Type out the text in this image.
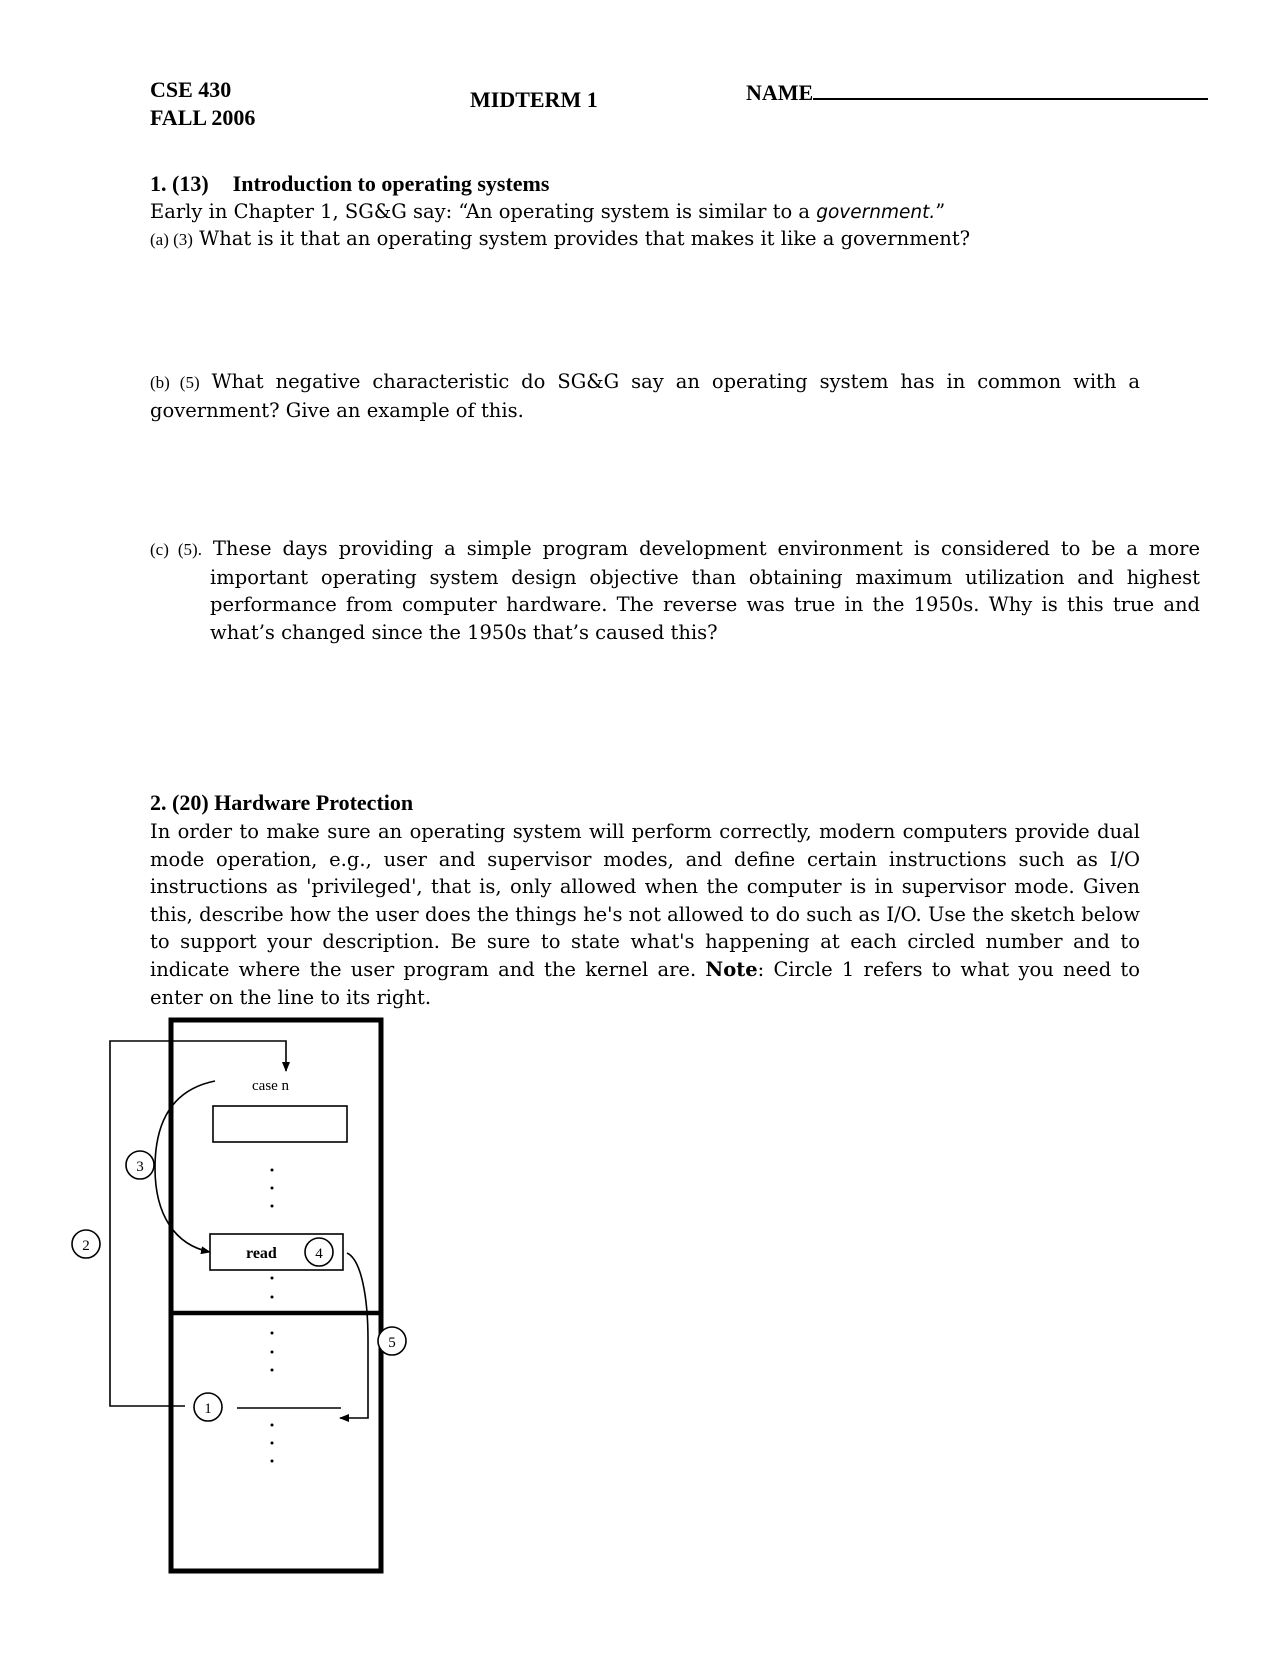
CSE 430
FALL 2006
MIDTERM 1	NAME
1. (13) Introduction to operating systems
Early in Chapter 1, SG&G say: “An operating system is similar to a government.”
(a) (3) What is it that an operating system provides that makes it like a government?
(b) (5) What negative characteristic do SG&G say an operating system has in common with a government? Give an example of this.
(c) (5). These days providing a simple program development environment is considered to be a more important operating system design objective than obtaining maximum utilization and highest performance from computer hardware. The reverse was true in the 1950s. Why is this true and what’s changed since the 1950s that’s caused this?
2. (20) Hardware Protection
In order to make sure an operating system will perform correctly, modern computers provide dual mode operation, e.g., user and supervisor modes, and define certain instructions such as I/O instructions as 'privileged', that is, only allowed when the computer is in supervisor mode. Given this, describe how the user does the things he's not allowed to do such as I/O. Use the sketch below to support your description. Be sure to state what's happening at each circled number and to indicate where the user program and the kernel are. Note: Circle 1 refers to what you need to enter on the line to its right.
case n
read
1
2
3
4
5
